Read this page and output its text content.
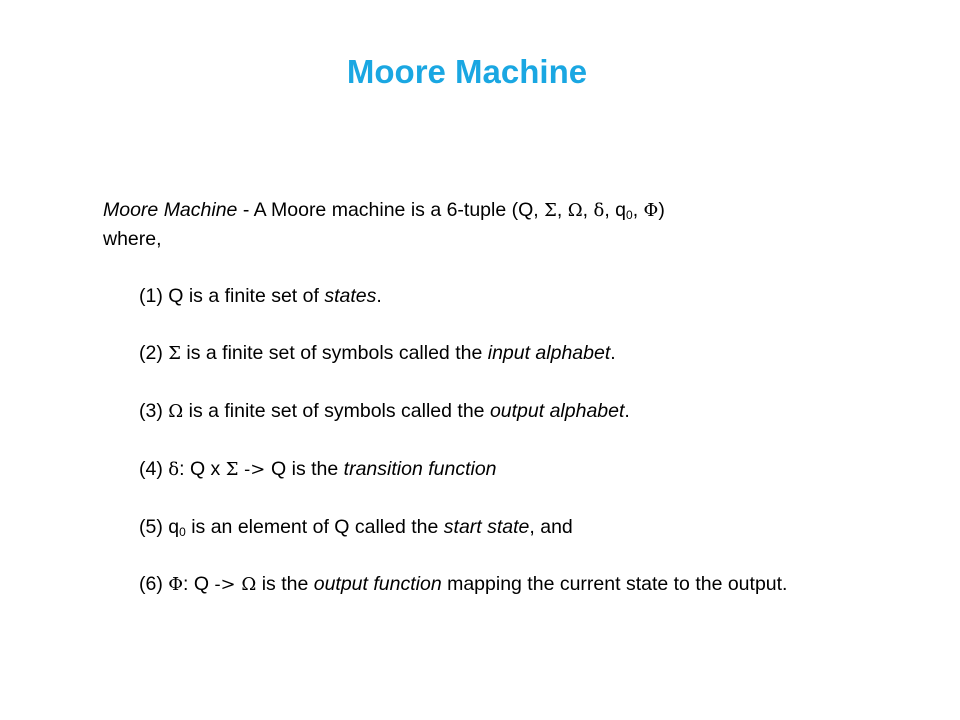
Moore Machine

Moore Machine - A Moore machine is a 6-tuple (Q, Σ, Ω, δ, $q_0$, Φ)
where,

(1) Q is a finite set of states.

(2) Σ is a finite set of symbols called the input alphabet.

(3) Ω is a finite set of symbols called the output alphabet.

(4) δ: Q x Σ -> Q is the transition function

(5) $q_0$ is an element of Q called the start state, and

(6) Φ: Q -> Ω is the output function mapping the current state to the output.
